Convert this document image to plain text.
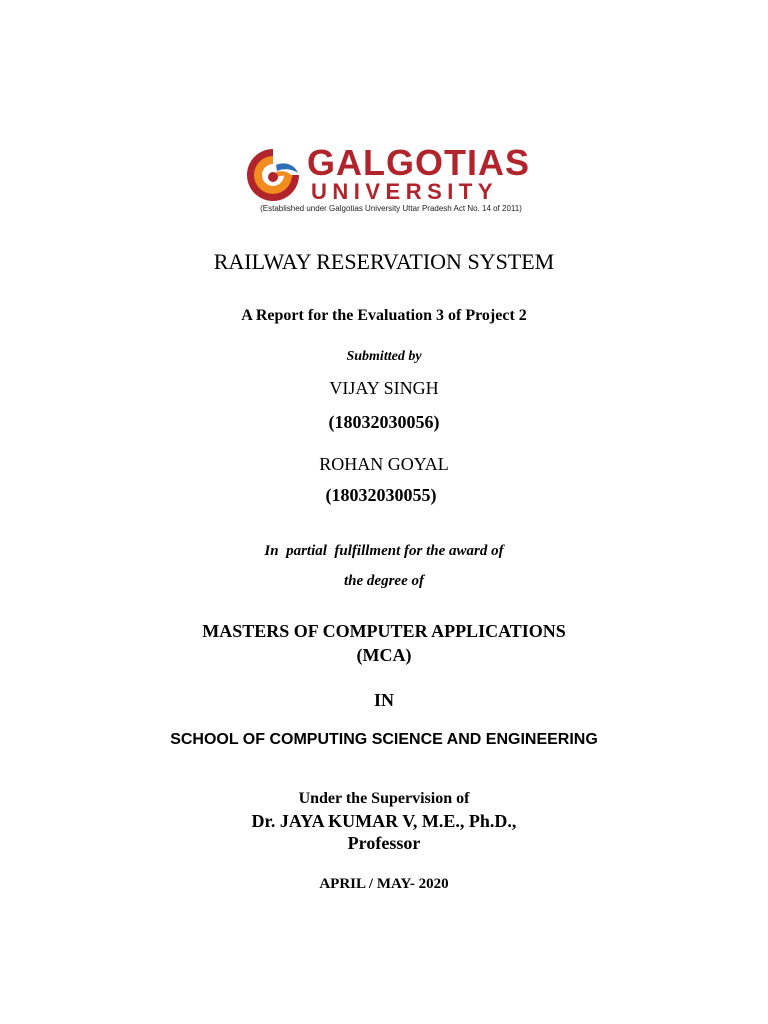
GALGOTIAS
UNIVERSITY
(Established under Galgotias University Uttar Pradesh Act No. 14 of 2011)
RAILWAY RESERVATION SYSTEM
A Report for the Evaluation 3 of Project 2
Submitted by
VIJAY SINGH
(18032030056)
ROHAN GOYAL
(18032030055)
In  partial  fulfillment for the award of
the degree of
MASTERS OF COMPUTER APPLICATIONS
(MCA)
IN
SCHOOL OF COMPUTING SCIENCE AND ENGINEERING
Under the Supervision of
Dr. JAYA KUMAR V, M.E., Ph.D.,
Professor
APRIL / MAY- 2020
